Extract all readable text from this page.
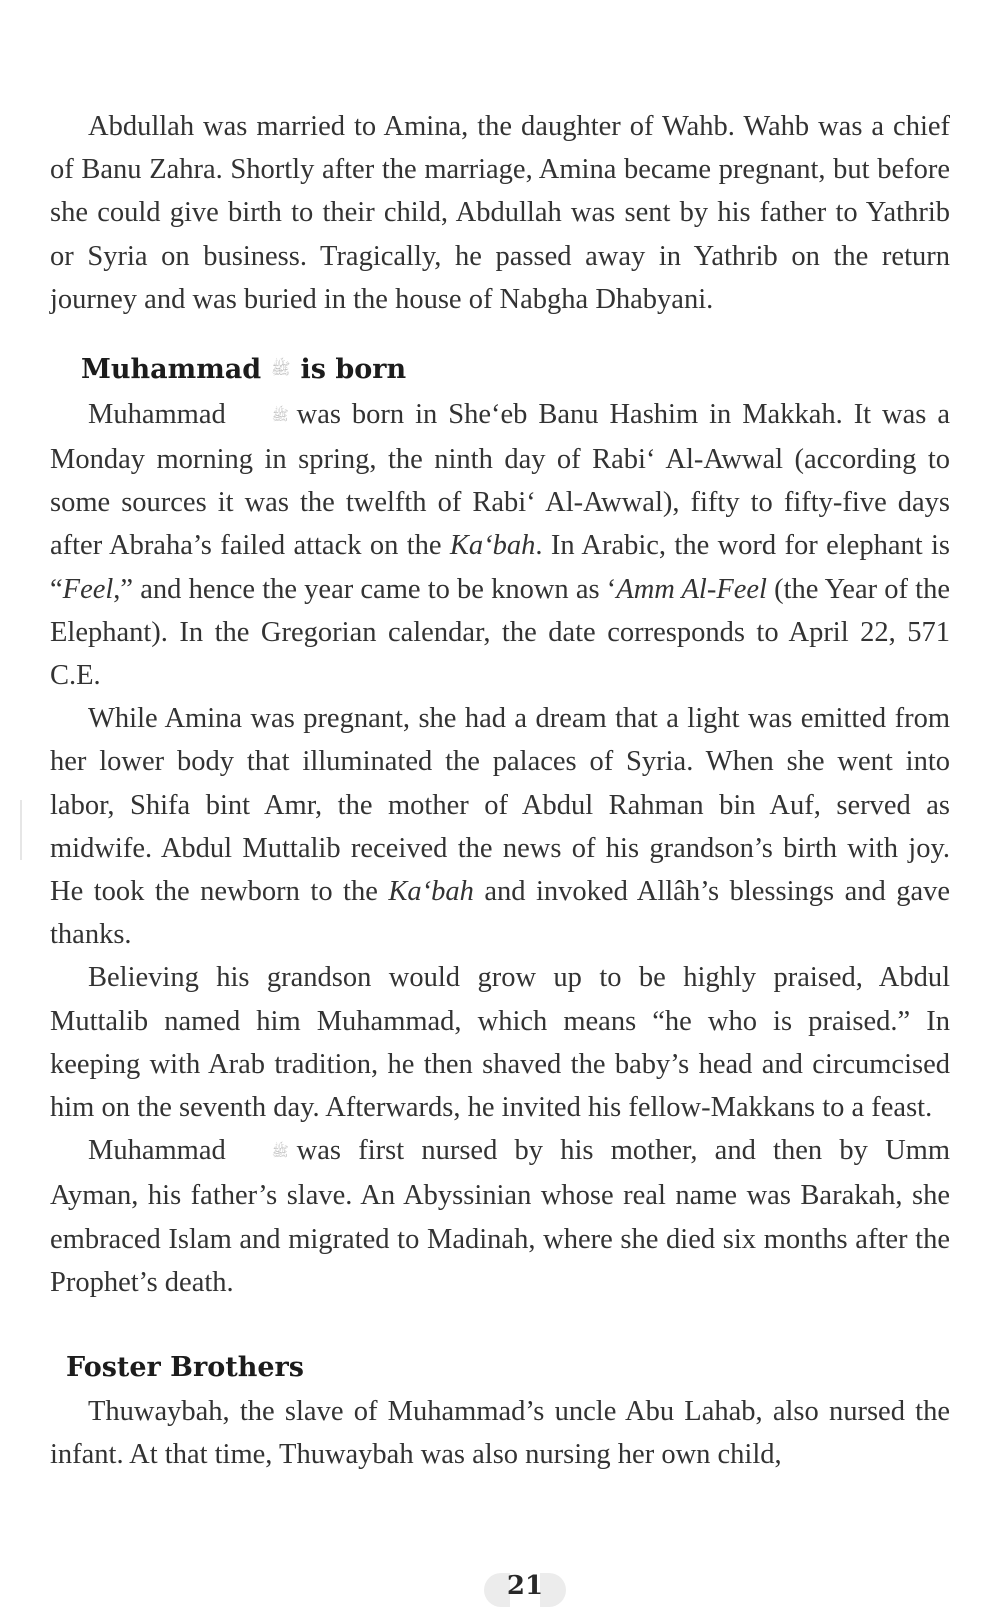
Abdullah was married to Amina, the daughter of Wahb. Wahb was a chief of Banu Zahra. Shortly after the marriage, Amina became pregnant, but before she could give birth to their child, Abdullah was sent by his father to Yathrib or Syria on business. Tragically, he passed away in Yathrib on the return journey and was buried in the house of Nabgha Dhabyani.

Muhammad ﷺ is born

Muhammad	ﷺ was born in She‘eb Banu Hashim in Makkah. It was a Monday morning in spring, the ninth day of Rabi‘ Al-Awwal (according to some sources it was the twelfth of Rabi‘ Al-Awwal), fifty to fifty-five days after Abraha’s failed attack on the Ka‘bah. In Arabic, the word for elephant is “Feel,” and hence the year came to be known as ‘Amm Al-Feel (the Year of the Elephant). In the Gregorian calendar, the date corresponds to April 22, 571 C.E.

While Amina was pregnant, she had a dream that a light was emitted from her lower body that illuminated the palaces of Syria. When she went into labor, Shifa bint Amr, the mother of Abdul Rahman bin Auf, served as midwife. Abdul Muttalib received the news of his grandson’s birth with joy. He took the newborn to the Ka‘bah and invoked Allâh’s blessings and gave thanks.

Believing his grandson would grow up to be highly praised, Abdul Muttalib named him Muhammad, which means “he who is praised.” In keeping with Arab tradition, he then shaved the baby’s head and circumcised him on the seventh day. Afterwards, he invited his fellow-Makkans to a feast.

Muhammad	ﷺ was first nursed by his mother, and then by Umm Ayman, his father’s slave. An Abyssinian whose real name was Barakah, she embraced Islam and migrated to Madinah, where she died six months after the Prophet’s death.

Foster Brothers

Thuwaybah, the slave of Muhammad’s uncle Abu Lahab, also nursed the infant. At that time, Thuwaybah was also nursing her own child,

21
